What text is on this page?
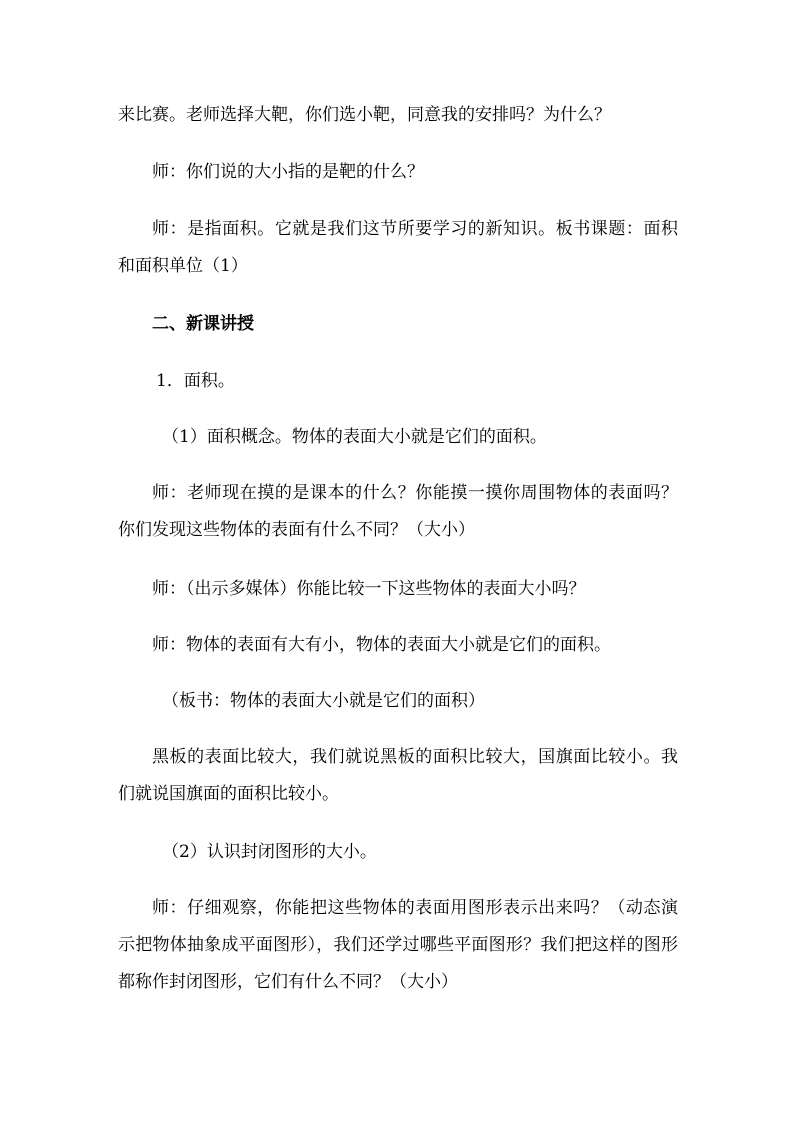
来比赛。老师选择大靶，你们选小靶，同意我的安排吗？为什么？

师：你们说的大小指的是靶的什么？

师：是指面积。它就是我们这节所要学习的新知识。板书课题：面积和面积单位（1）

二、新课讲授

1．面积。

（1）面积概念。物体的表面大小就是它们的面积。

师：老师现在摸的是课本的什么？你能摸一摸你周围物体的表面吗？你们发现这些物体的表面有什么不同？（大小）

师：（出示多媒体）你能比较一下这些物体的表面大小吗？

师：物体的表面有大有小，物体的表面大小就是它们的面积。

（板书：物体的表面大小就是它们的面积）

黑板的表面比较大，我们就说黑板的面积比较大，国旗面比较小。我们就说国旗面的面积比较小。

（2）认识封闭图形的大小。

师：仔细观察，你能把这些物体的表面用图形表示出来吗？（动态演示把物体抽象成平面图形），我们还学过哪些平面图形？我们把这样的图形都称作封闭图形，它们有什么不同？（大小）
